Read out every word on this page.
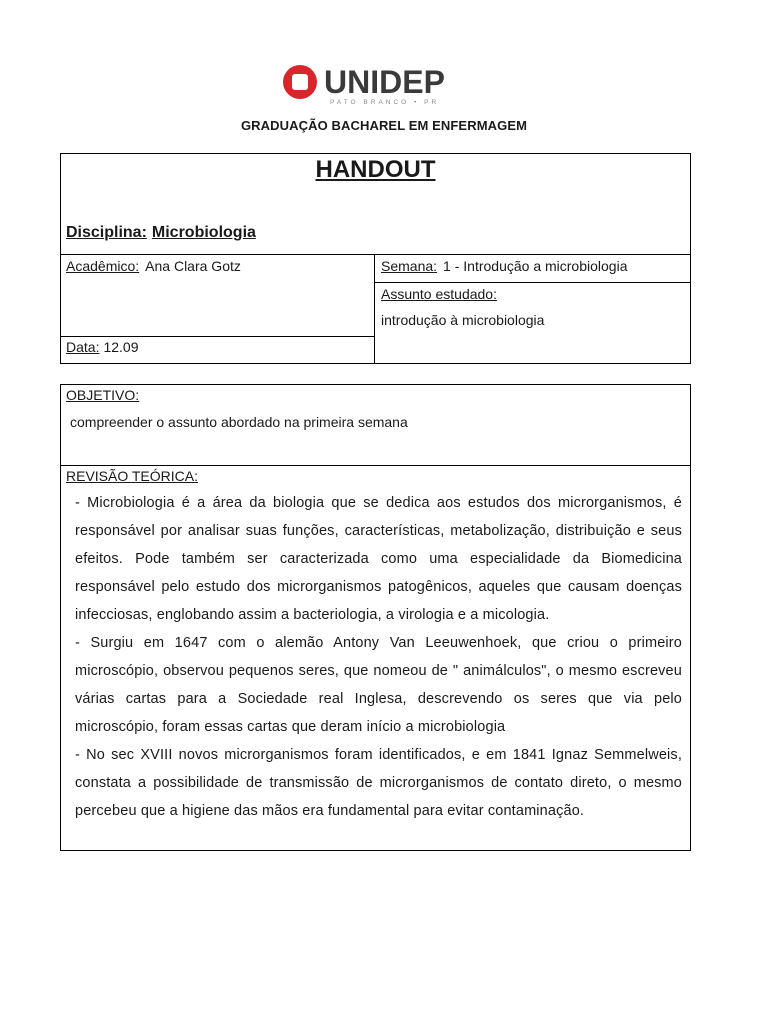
UNIDEP
PATO BRANCO • PR
GRADUAÇÃO BACHAREL EM ENFERMAGEM
HANDOUT
Disciplina: Microbiologia
Acadêmico: Ana Clara Gotz	Semana: 1 - Introdução a microbiologia
Assunto estudado:
introdução à microbiologia
Data: 12.09
OBJETIVO:
compreender o assunto abordado na primeira semana
REVISÃO TEÓRICA:

- Microbiologia é a área da biologia que se dedica aos estudos dos microrganismos, é responsável por analisar suas funções, características, metabolização, distribuição e seus efeitos. Pode também ser caracterizada como uma especialidade da Biomedicina responsável pelo estudo dos microrganismos patogênicos, aqueles que causam doenças infecciosas, englobando assim a bacteriologia, a virologia e a micologia.

- Surgiu em 1647 com o alemão Antony Van Leeuwenhoek, que criou o primeiro microscópio, observou pequenos seres, que nomeou de " animálculos", o mesmo escreveu várias cartas para a Sociedade real Inglesa, descrevendo os seres que via pelo microscópio, foram essas cartas que deram início a microbiologia

- No sec XVIII novos microrganismos foram identificados, e em 1841 Ignaz Semmelweis, constata a possibilidade de transmissão de microrganismos de contato direto, o mesmo percebeu que a higiene das mãos era fundamental para evitar contaminação.
